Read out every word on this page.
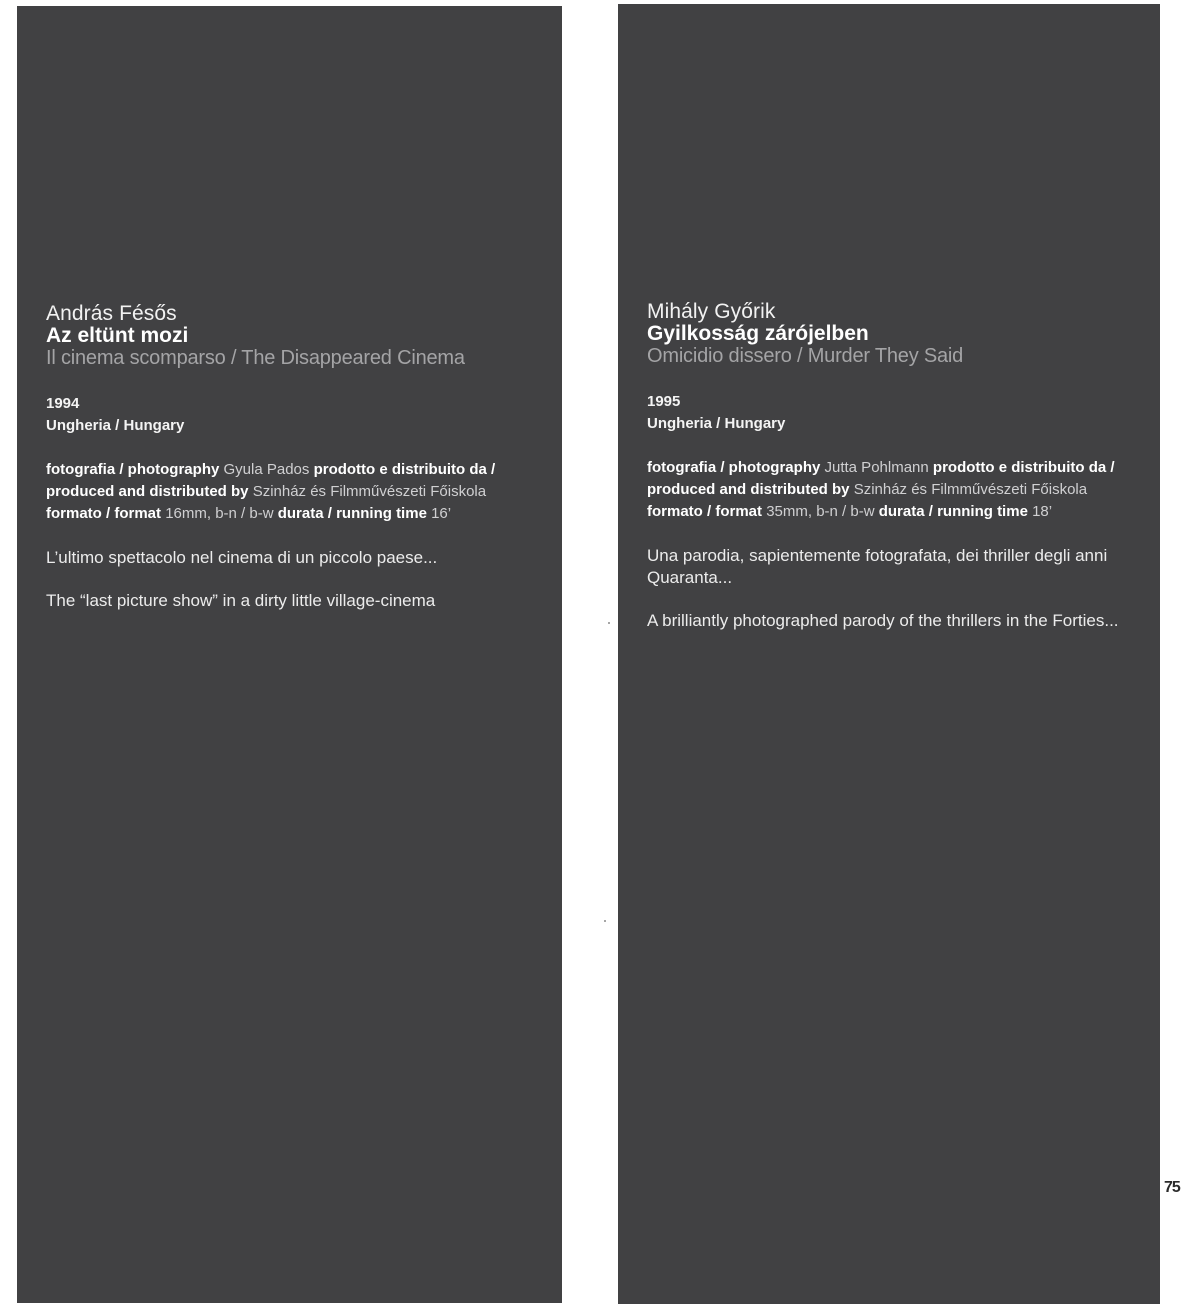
András Fésős
Az eltünt mozi
Il cinema scomparso / The Disappeared Cinema
1994
Ungheria / Hungary
fotografia / photography Gyula Pados prodotto e distribuito da / produced and distributed by Szinház és Filmművészeti Főiskola formato / format 16mm, b-n / b-w durata / running time 16’
L’ultimo spettacolo nel cinema di un piccolo paese...
The “last picture show” in a dirty little village-cinema
Mihály Győrik
Gyilkosság zárójelben
Omicidio dissero / Murder They Said
1995
Ungheria / Hungary
fotografia / photography Jutta Pohlmann prodotto e distribuito da / produced and distributed by Szinház és Filmművészeti Főiskola formato / format 35mm, b-n / b-w durata / running time 18’
Una parodia, sapientemente fotografata, dei thriller degli anni Quaranta...
A brilliantly photographed parody of the thrillers in the Forties...
75
